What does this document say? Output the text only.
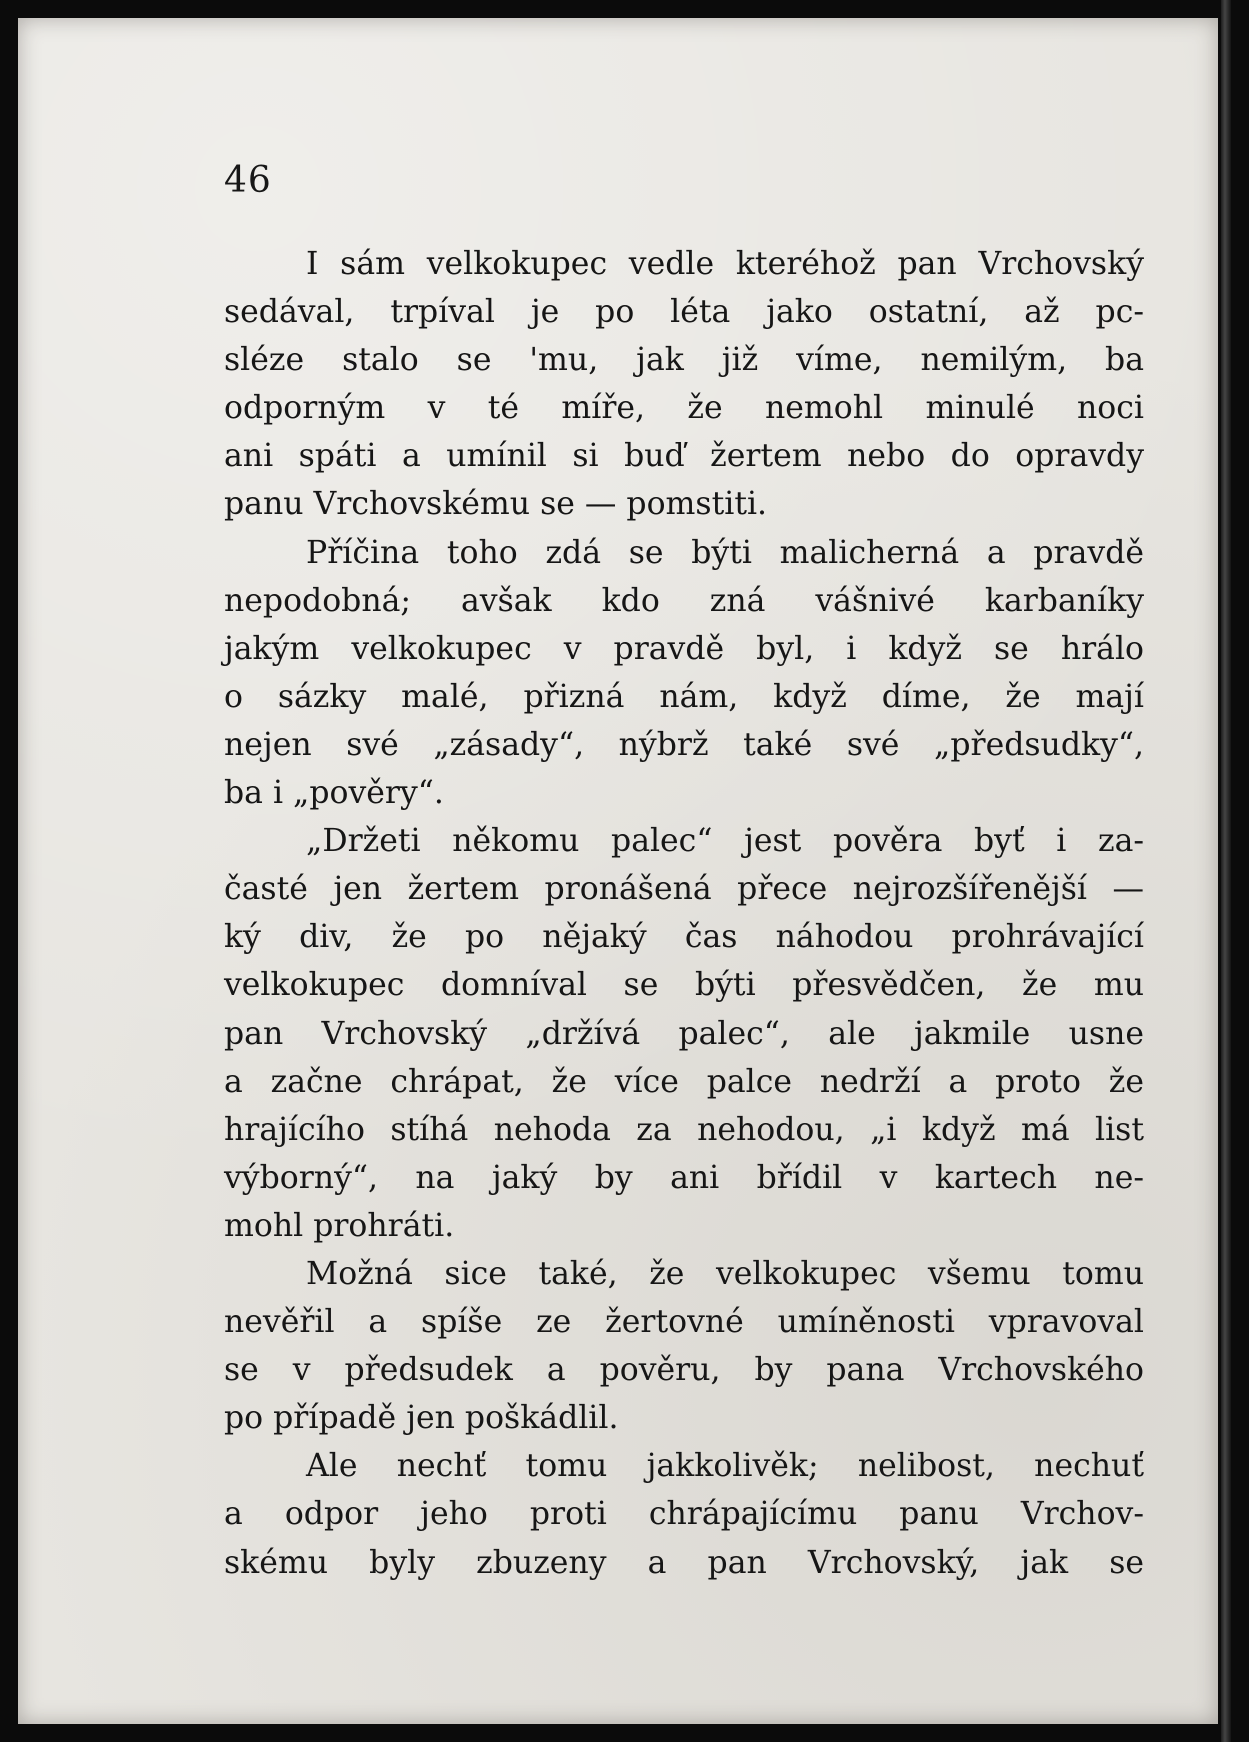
46
I sám velkokupec vedle kteréhož pan Vrchovský
sedával, trpíval je po léta jako ostatní, až pc-
sléze stalo se 'mu, jak již víme, nemilým, ba
odporným v té míře, že nemohl minulé noci
ani spáti a umínil si buď žertem nebo do opravdy
panu Vrchovskému se — pomstiti.
Příčina toho zdá se býti malicherná a pravdě
nepodobná; avšak kdo zná vášnivé karbaníky
jakým velkokupec v pravdě byl, i když se hrálo
o sázky malé, přizná nám, když díme, že mají
nejen své „zásady“, nýbrž také své „předsudky“,
ba i „pověry“.
„Držeti někomu palec“ jest pověra byť i za-
časté jen žertem pronášená přece nejrozšířenější —
ký div, že po nějaký čas náhodou prohrávající
velkokupec domníval se býti přesvědčen, že mu
pan Vrchovský „držívá palec“, ale jakmile usne
a začne chrápat, že více palce nedrží a proto že
hrajícího stíhá nehoda za nehodou, „i když má list
výborný“, na jaký by ani břídil v kartech ne-
mohl prohráti.
Možná sice také, že velkokupec všemu tomu
nevěřil a spíše ze žertovné umíněnosti vpravoval
se v předsudek a pověru, by pana Vrchovského
po případě jen poškádlil.
Ale nechť tomu jakkolivěk; nelibost, nechuť
a odpor jeho proti chrápajícímu panu Vrchov-
skému byly zbuzeny a pan Vrchovský, jak se
